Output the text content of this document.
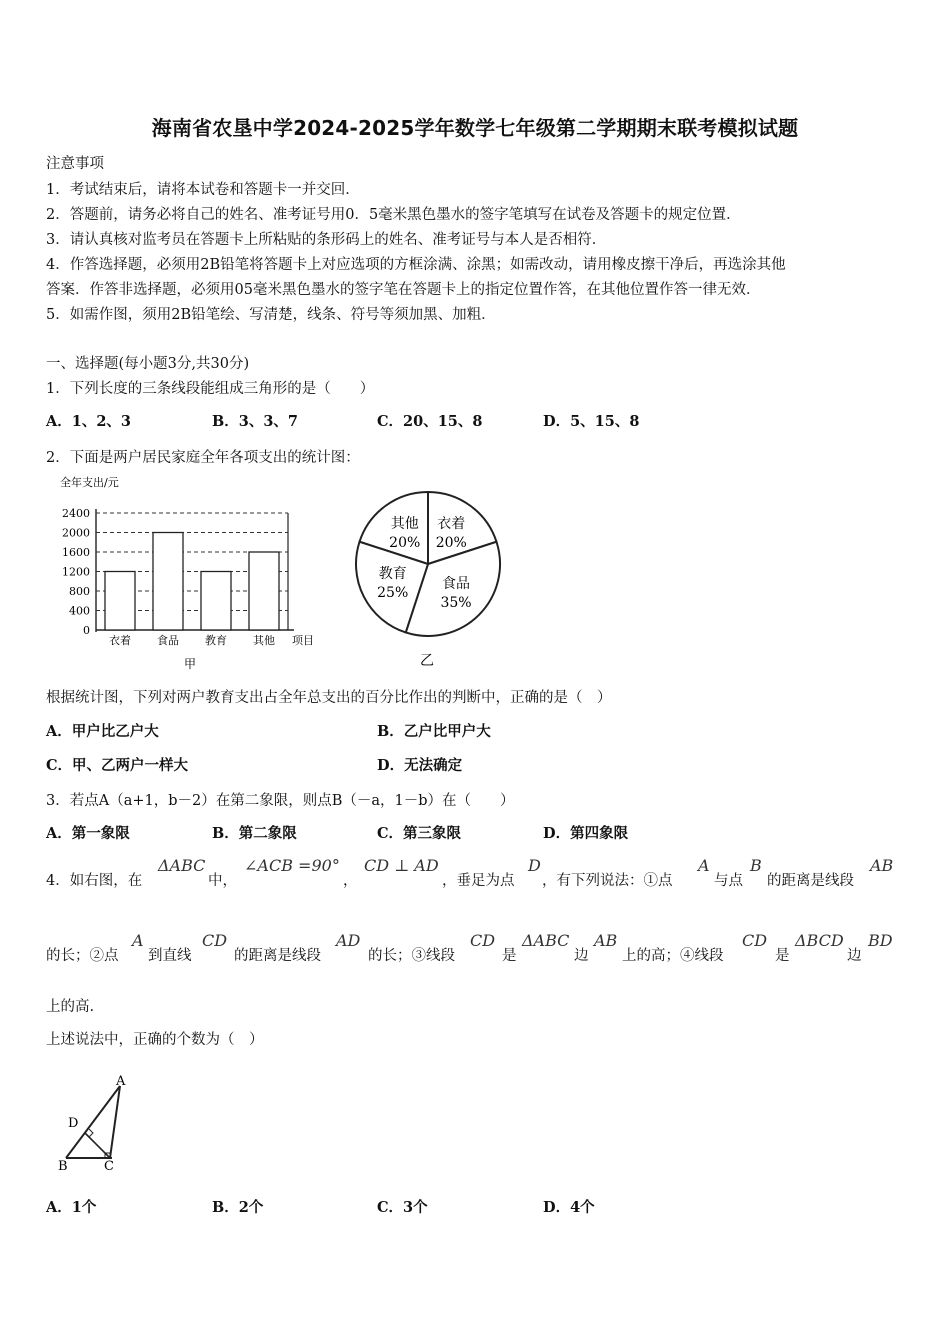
海南省农垦中学2024-2025学年数学七年级第二学期期末联考模拟试题
注意事项
1．考试结束后，请将本试卷和答题卡一并交回．
2．答题前，请务必将自己的姓名、准考证号用0．5毫米黑色墨水的签字笔填写在试卷及答题卡的规定位置．
3．请认真核对监考员在答题卡上所粘贴的条形码上的姓名、准考证号与本人是否相符．
4．作答选择题，必须用2B铅笔将答题卡上对应选项的方框涂满、涂黑；如需改动，请用橡皮擦干净后，再选涂其他
答案．作答非选择题，必须用05毫米黑色墨水的签字笔在答题卡上的指定位置作答，在其他位置作答一律无效．
5．如需作图，须用2B铅笔绘、写清楚，线条、符号等须加黑、加粗．
一、选择题(每小题3分,共30分)
1．下列长度的三条线段能组成三角形的是（　　）
A．1、2、3	B．3、3、7	C．20、15、8	D．5、15、8
2．下面是两户居民家庭全年各项支出的统计图：
全年支出/元
0
400
800
1200
1600
2000
2400
衣着 食品 教育 其他 项目
甲
其他
20%
衣着
20%
食品
35%
教育
25%
乙
根据统计图，下列对两户教育支出占全年总支出的百分比作出的判断中，正确的是（　）
A．甲户比乙户大	B．乙户比甲户大
C．甲、乙两户一样大	D．无法确定
3．若点A（a+1，b－2）在第二象限，则点B（－a，1－b）在（　　）
A．第一象限	B．第二象限	C．第三象限	D．第四象限
4．如右图，在
ΔABC
中，
∠ACB =90°
，
CD ⊥ AD
，垂足为点
D
，有下列说法：①点
A
与点
B
的距离是线段
AB
的长；②点
A
到直线
CD
的距离是线段
AD
的长；③线段
CD
是
ΔABC
边
AB
上的高；④线段
CD
是
ΔBCD
边
BD
上的高.
上述说法中，正确的个数为（　）
A
D
B	C
A．1个	B．2个	C．3个	D．4个
